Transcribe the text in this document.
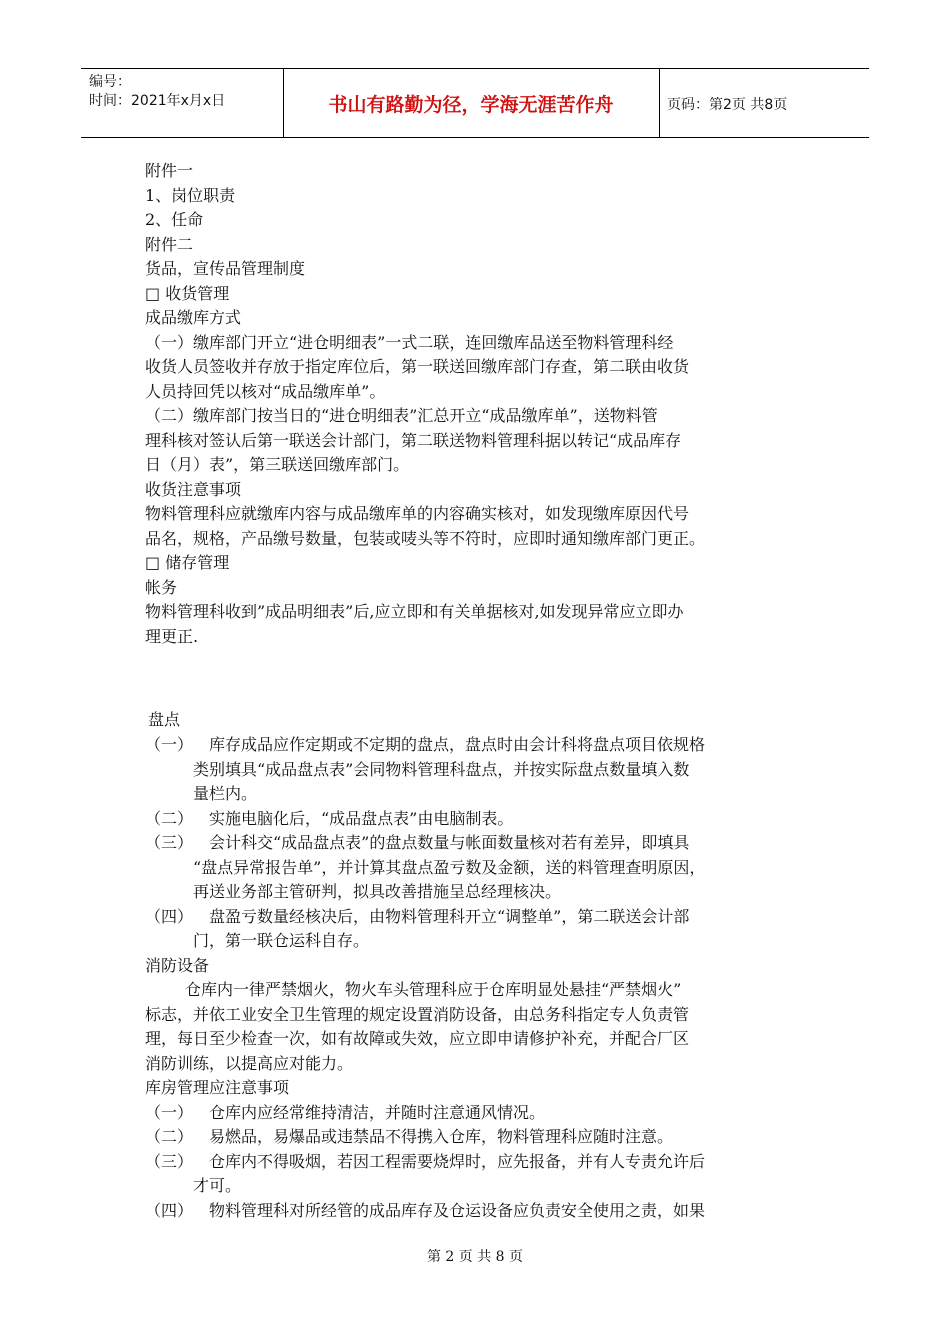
编号：
时间：2021年x月x日	书山有路勤为径，学海无涯苦作舟	页码：第2页 共8页

附件一

1、岗位职责

2、任命

附件二

货品，宣传品管理制度

□ 收货管理

成品缴库方式

（一）缴库部门开立“进仓明细表”一式二联，连回缴库品送至物料管理科经

收货人员签收并存放于指定库位后，第一联送回缴库部门存查，第二联由收货

人员持回凭以核对“成品缴库单”。

（二）缴库部门按当日的“进仓明细表”汇总开立“成品缴库单”，送物料管

理科核对签认后第一联送会计部门，第二联送物料管理科据以转记“成品库存

日（月）表”，第三联送回缴库部门。

收货注意事项

物料管理科应就缴库内容与成品缴库单的内容确实核对，如发现缴库原因代号

品名，规格，产品缴号数量，包装或唛头等不符时，应即时通知缴库部门更正。

□ 储存管理

帐务

物料管理科收到”成品明细表”后,应立即和有关单据核对,如发现异常应立即办

理更正.

盘点

（一） 库存成品应作定期或不定期的盘点，盘点时由会计科将盘点项目依规格

类别填具“成品盘点表”会同物料管理科盘点，并按实际盘点数量填入数

量栏内。

（二） 实施电脑化后，“成品盘点表”由电脑制表。

（三） 会计科交“成品盘点表”的盘点数量与帐面数量核对若有差异，即填具

“盘点异常报告单”，并计算其盘点盈亏数及金额，送的料管理查明原因，

再送业务部主管研判，拟具改善措施呈总经理核决。

（四） 盘盈亏数量经核决后，由物料管理科开立“调整单”，第二联送会计部

门，第一联仓运科自存。

消防设备

仓库内一律严禁烟火，物火车头管理科应于仓库明显处悬挂“严禁烟火”

标志，并依工业安全卫生管理的规定设置消防设备，由总务科指定专人负责管

理，每日至少检查一次，如有故障或失效，应立即申请修护补充，并配合厂区

消防训练，以提高应对能力。

库房管理应注意事项

（一） 仓库内应经常维持清洁，并随时注意通风情况。

（二） 易燃品，易爆品或违禁品不得携入仓库，物料管理科应随时注意。

（三） 仓库内不得吸烟，若因工程需要烧焊时，应先报备，并有人专责允许后

才可。

（四） 物料管理科对所经管的成品库存及仓运设备应负责安全使用之责，如果

第 2 页 共 8 页
